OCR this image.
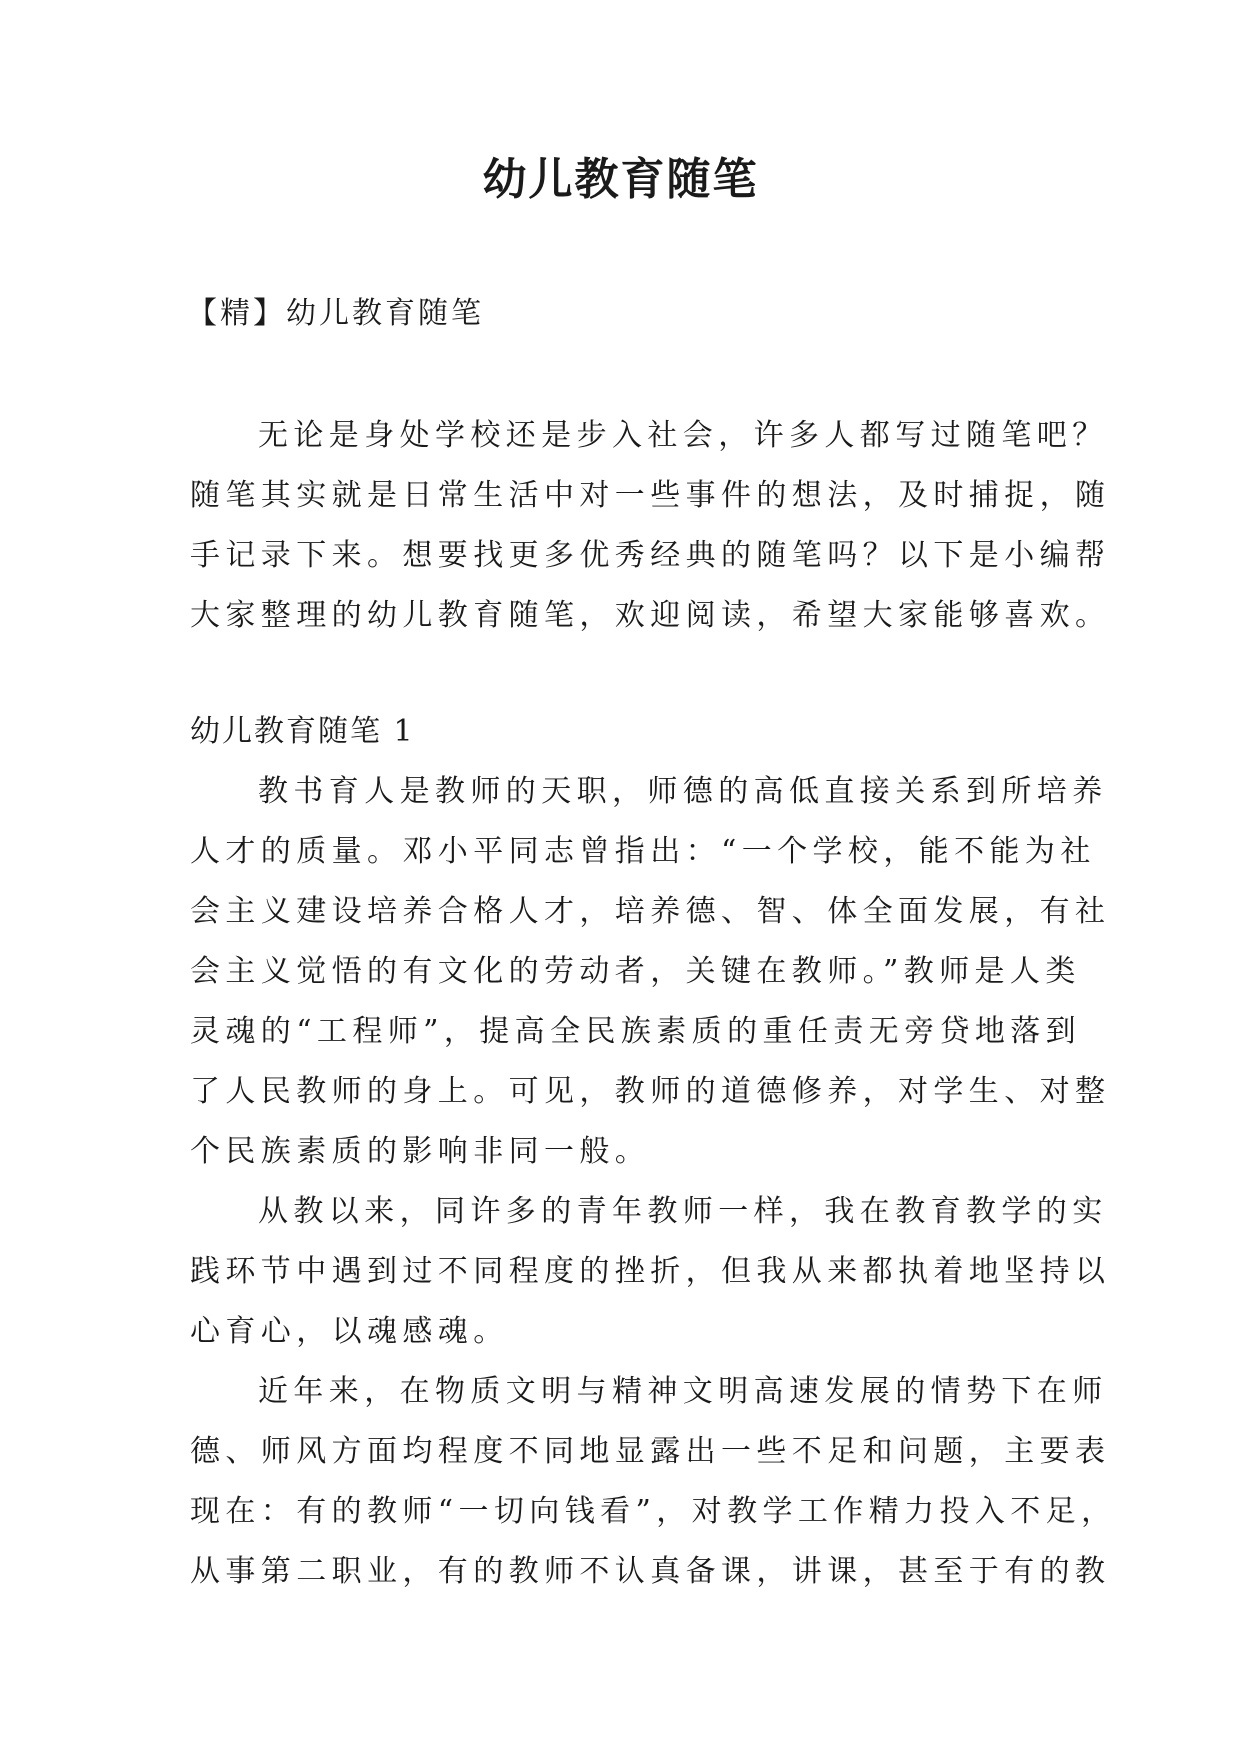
幼儿教育随笔
【精】幼儿教育随笔
无论是身处学校还是步入社会，许多人都写过随笔吧？
随笔其实就是日常生活中对一些事件的想法，及时捕捉，随
手记录下来。想要找更多优秀经典的随笔吗？以下是小编帮
大家整理的幼儿教育随笔，欢迎阅读，希望大家能够喜欢。
幼儿教育随笔 1
教书育人是教师的天职，师德的高低直接关系到所培养
人才的质量。邓小平同志曾指出：“一个学校，能不能为社
会主义建设培养合格人才，培养德、智、体全面发展，有社
会主义觉悟的有文化的劳动者，关键在教师。”教师是人类
灵魂的“工程师”，提高全民族素质的重任责无旁贷地落到
了人民教师的身上。可见，教师的道德修养，对学生、对整
个民族素质的影响非同一般。
从教以来，同许多的青年教师一样，我在教育教学的实
践环节中遇到过不同程度的挫折，但我从来都执着地坚持以
心育心，以魂感魂。
近年来，在物质文明与精神文明高速发展的情势下在师
德、师风方面均程度不同地显露出一些不足和问题，主要表
现在：有的教师“一切向钱看”，对教学工作精力投入不足，
从事第二职业，有的教师不认真备课，讲课，甚至于有的教
